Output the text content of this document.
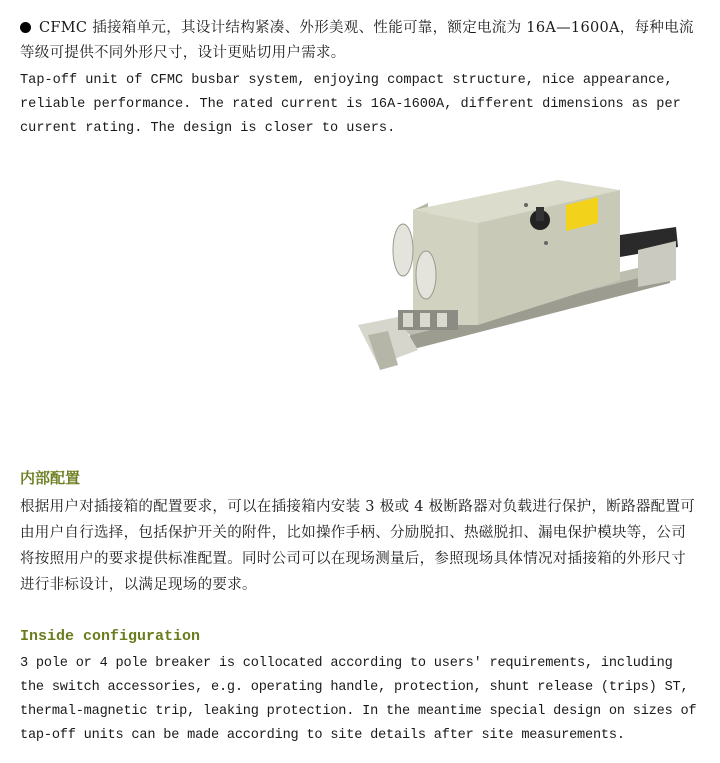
CFMC 插接箱单元，其设计结构紧凑、外形美观、性能可靠，额定电流为 16A—1600A，每种电流等级可提供不同外形尺寸，设计更贴切用户需求。
Tap-off unit of CFMC busbar system, enjoying compact structure, nice appearance, reliable performance. The rated current is 16A-1600A, different dimensions as per current rating. The design is closer to users.
内部配置
根据用户对插接箱的配置要求，可以在插接箱内安装 3 极或 4 极断路器对负载进行保护，断路器配置可由用户自行选择，包括保护开关的附件，比如操作手柄、分励脱扣、热磁脱扣、漏电保护模块等，公司将按照用户的要求提供标准配置。同时公司可以在现场测量后，参照现场具体情况对插接箱的外形尺寸进行非标设计，以满足现场的要求。
Inside configuration
3 pole or 4 pole breaker is collocated according to users' requirements, including the switch accessories, e.g. operating handle, protection, shunt release (trips) ST, thermal-magnetic trip, leaking protection. In the meantime special design on sizes of tap-off units can be made according to site details after site measurements.
